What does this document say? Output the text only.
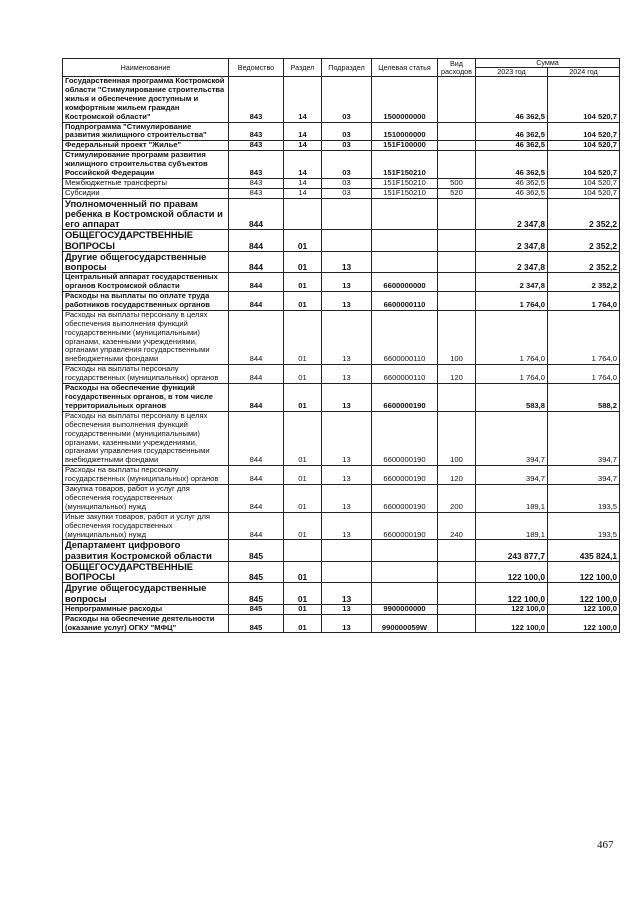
Наименование	Ведомство	Раздел	Подраздел	Целевая статья	Вид расходов	Сумма	
						2023 год	2024 год
Государственная программа Костромской области "Стимулирование строительства жилья и обеспечение доступным и комфортным жильем граждан Костромской области"	843	14	03	1500000000		46 362,5	104 520,7
Подпрограмма "Стимулирование развития жилищного строительства"	843	14	03	1510000000		46 362,5	104 520,7
Федеральный проект "Жилье"	843	14	03	151F100000		46 362,5	104 520,7
Стимулирование программ развития жилищного строительства субъектов Российской Федерации	843	14	03	151F150210		46 362,5	104 520,7
Межбюджетные трансферты	843	14	03	151F150210	500	46 362,5	104 520,7
Субсидии	843	14	03	151F150210	520	46 362,5	104 520,7
Уполномоченный по правам ребенка в Костромской области и его аппарат	844					2 347,8	2 352,2
ОБЩЕГОСУДАРСТВЕННЫЕ ВОПРОСЫ	844	01				2 347,8	2 352,2
Другие общегосударственные вопросы	844	01	13			2 347,8	2 352,2
Центральный аппарат государственных органов Костромской области	844	01	13	6600000000		2 347,8	2 352,2
Расходы на выплаты по оплате труда работников государственных органов	844	01	13	6600000110		1 764,0	1 764,0
Расходы на выплаты персоналу в целях обеспечения выполнения функций государственными (муниципальными) органами, казенными учреждениями, органами управления государственными внебюджетными фондами	844	01	13	6600000110	100	1 764,0	1 764,0
Расходы на выплаты персоналу государственных (муниципальных) органов	844	01	13	6600000110	120	1 764,0	1 764,0
Расходы на обеспечение функций государственных органов, в том числе территориальных органов	844	01	13	6600000190		583,8	588,2
Расходы на выплаты персоналу в целях обеспечения выполнения функций государственными (муниципальными) органами, казенными учреждениями, органами управления государственными внебюджетными фондами	844	01	13	6600000190	100	394,7	394,7
Расходы на выплаты персоналу государственных (муниципальных) органов	844	01	13	6600000190	120	394,7	394,7
Закупка товаров, работ и услуг для обеспечения государственных (муниципальных) нужд	844	01	13	6600000190	200	189,1	193,5
Иные закупки товаров, работ и услуг для обеспечения государственных (муниципальных) нужд	844	01	13	6600000190	240	189,1	193,5
Департамент цифрового развития Костромской области	845					243 877,7	435 824,1
ОБЩЕГОСУДАРСТВЕННЫЕ ВОПРОСЫ	845	01				122 100,0	122 100,0
Другие общегосударственные вопросы	845	01	13			122 100,0	122 100,0
Непрограммные расходы	845	01	13	9900000000		122 100,0	122 100,0
Расходы на обеспечение деятельности (оказание услуг) ОГКУ "МФЦ"	845	01	13	990000059W		122 100,0	122 100,0
467
